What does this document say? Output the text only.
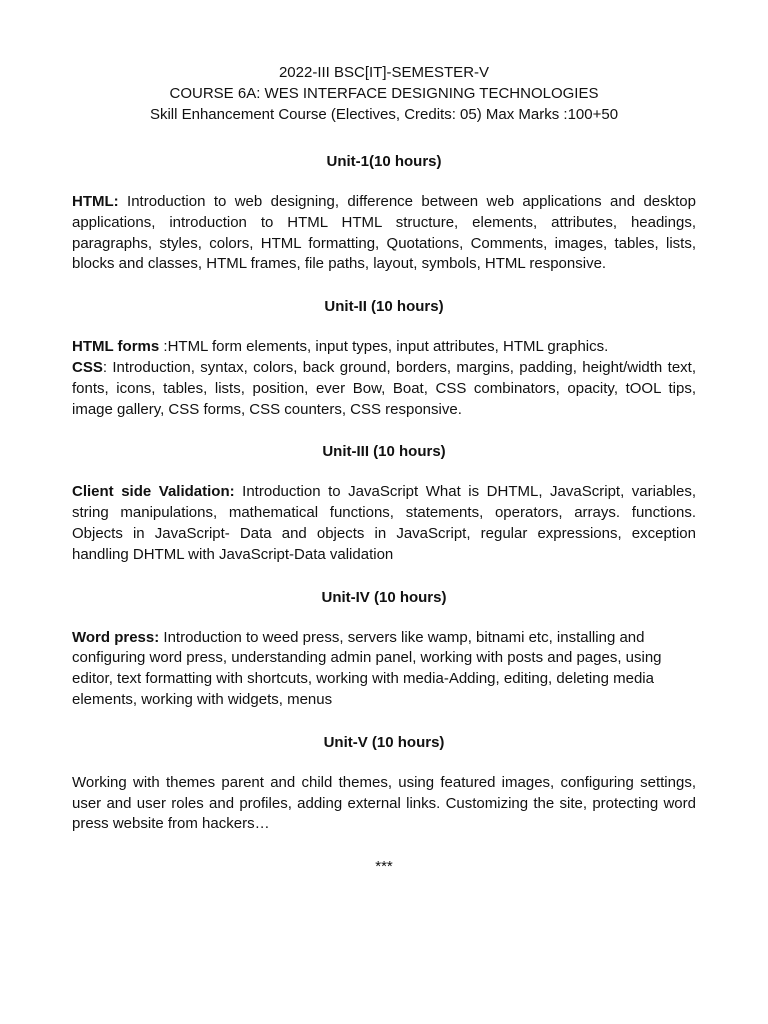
2022-III BSC[IT]-SEMESTER-V
COURSE 6A: WES INTERFACE DESIGNING TECHNOLOGIES
Skill Enhancement Course (Electives, Credits: 05) Max Marks :100+50
Unit-1(10 hours)

HTML: Introduction to web designing, difference between web applications and desktop applications, introduction to HTML HTML structure, elements, attributes, headings, paragraphs, styles, colors, HTML formatting, Quotations, Comments, images, tables, lists, blocks and classes, HTML frames, file paths, layout, symbols, HTML responsive.

Unit-II (10 hours)

HTML forms :HTML form elements, input types, input attributes, HTML graphics.

CSS: Introduction, syntax, colors, back ground, borders, margins, padding, height/width text, fonts, icons, tables, lists, position, ever Bow, Boat, CSS combinators, opacity, tOOL tips, image gallery, CSS forms, CSS counters, CSS responsive.

Unit-III (10 hours)

Client side Validation: Introduction to JavaScript What is DHTML, JavaScript, variables, string manipulations, mathematical functions, statements, operators, arrays. functions. Objects in JavaScript- Data and objects in JavaScript, regular expressions, exception handling DHTML with JavaScript-Data validation

Unit-IV (10 hours)

Word press: Introduction to weed press, servers like wamp, bitnami etc, installing and configuring word press, understanding admin panel, working with posts and pages, using editor, text formatting with shortcuts, working with media-Adding, editing, deleting media elements, working with widgets, menus

Unit-V (10 hours)

Working with themes parent and child themes, using featured images, configuring settings, user and user roles and profiles, adding external links. Customizing the site, protecting word press website from hackers…

***
